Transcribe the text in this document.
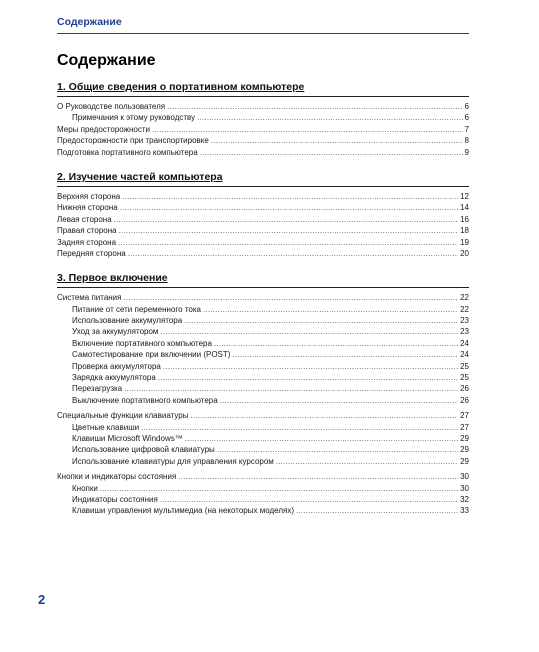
Содержание
Содержание
1. Общие сведения о портативном компьютере
О Руководстве пользователя .....	6
Примечания к этому руководству .....	6
Меры предосторожности .....	7
Предосторожности при транспортировке .....	8
Подготовка портативного компьютера .....	9
2. Изучение частей компьютера
Верхняя сторона .....	12
Нижняя сторона .....	14
Левая сторона .....	16
Правая сторона .....	18
Задняя сторона .....	19
Передняя сторона .....	20
3. Первое включение
Система питания .....	22
Питание от сети переменного тока .....	22
Использование аккумулятора .....	23
Уход за аккумулятором .....	23
Включение портативного компьютера .....	24
Самотестирование при включении (POST) .....	24
Проверка аккумулятора .....	25
Зарядка аккумулятора .....	25
Перезагрузка .....	26
Выключение портативного компьютера .....	26
Специальные функции клавиатуры .....	27
Цветные клавиши .....	27
Клавиши Microsoft Windows™ .....	29
Использование цифровой клавиатуры .....	29
Использование клавиатуры для управления курсором .....	29
Кнопки и индикаторы состояния .....	30
Кнопки .....	30
Индикаторы состояния .....	32
Клавиши управления мультимедиа (на некоторых моделях) .....	33
2
